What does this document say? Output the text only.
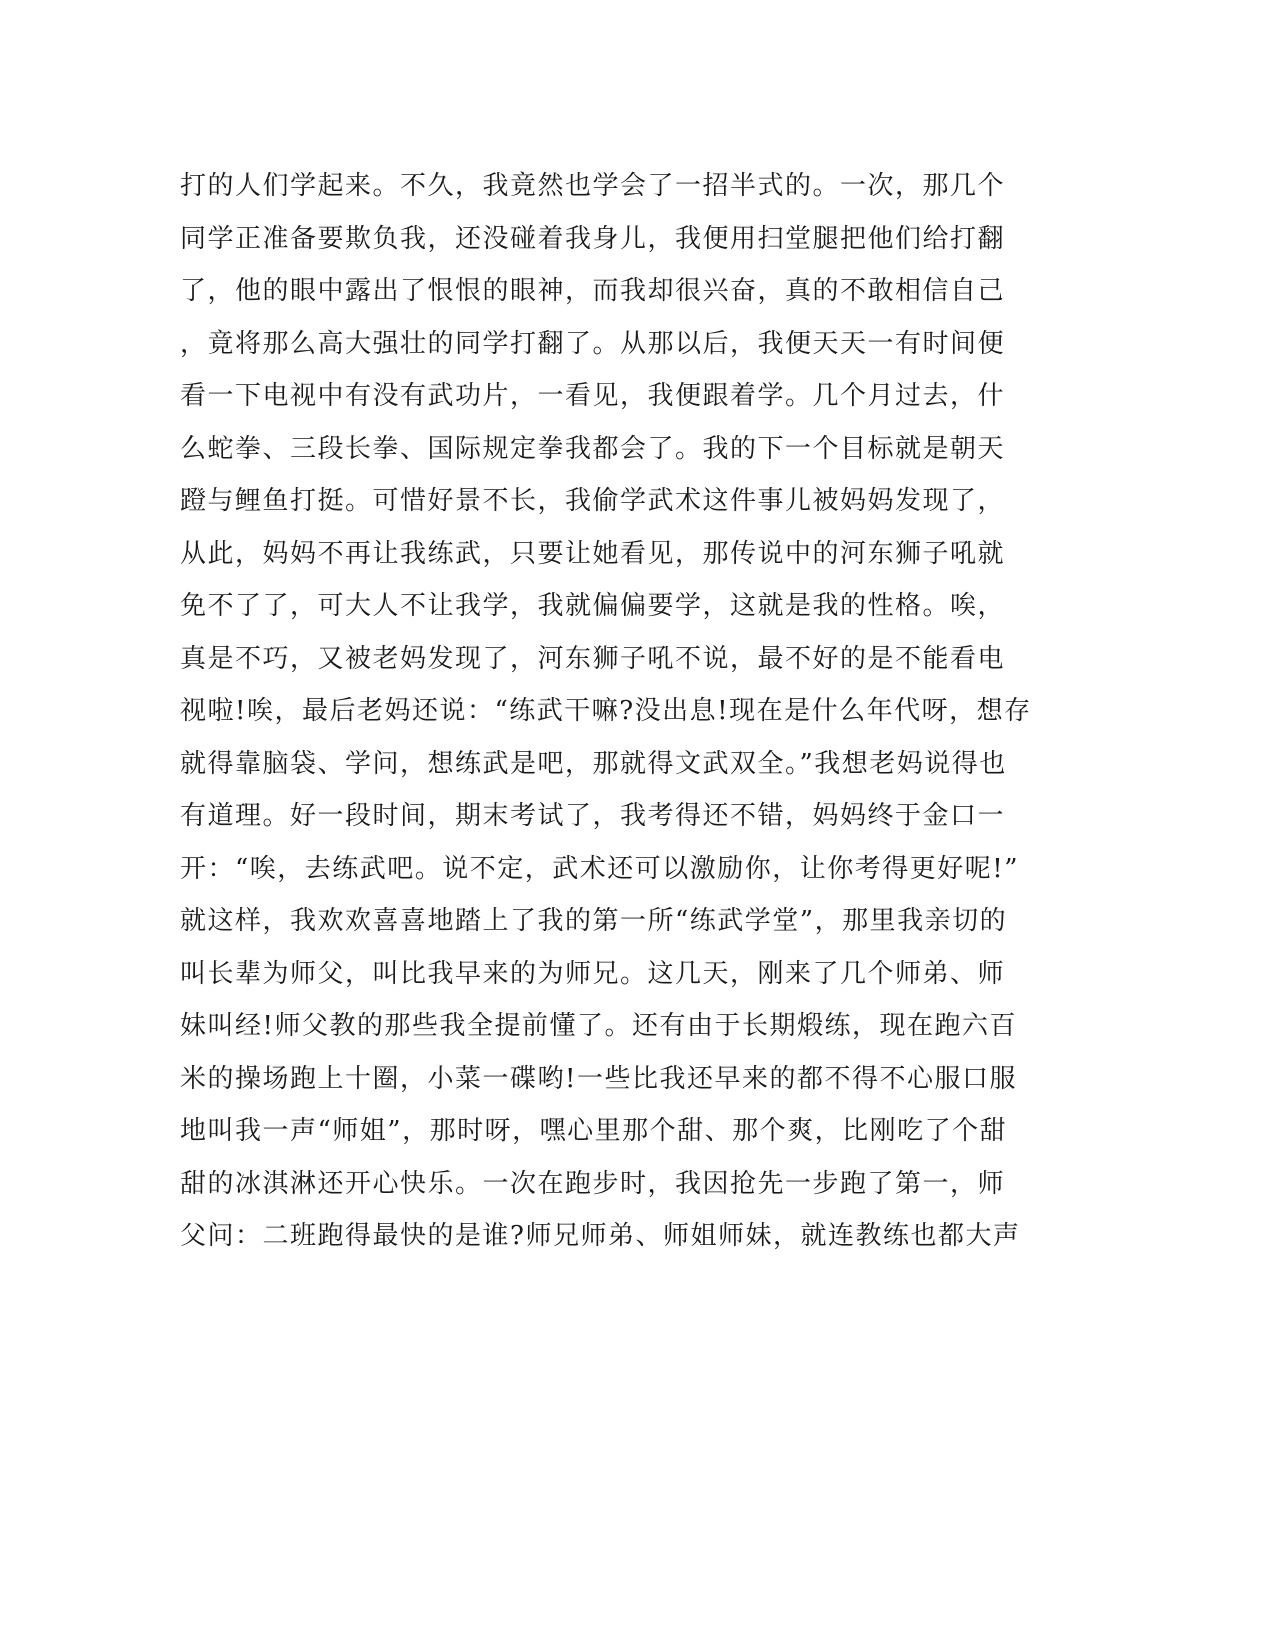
打的人们学起来。不久，我竟然也学会了一招半式的。一次，那几个
同学正准备要欺负我，还没碰着我身儿，我便用扫堂腿把他们给打翻
了，他的眼中露出了恨恨的眼神，而我却很兴奋，真的不敢相信自己
，竟将那么高大强壮的同学打翻了。从那以后，我便天天一有时间便
看一下电视中有没有武功片，一看见，我便跟着学。几个月过去，什
么蛇拳、三段长拳、国际规定拳我都会了。我的下一个目标就是朝天
蹬与鲤鱼打挺。可惜好景不长，我偷学武术这件事儿被妈妈发现了，
从此，妈妈不再让我练武，只要让她看见，那传说中的河东狮子吼就
免不了了，可大人不让我学，我就偏偏要学，这就是我的性格。唉，
真是不巧，又被老妈发现了，河东狮子吼不说，最不好的是不能看电
视啦!唉，最后老妈还说：“练武干嘛?没出息!现在是什么年代呀，想存
就得靠脑袋、学问，想练武是吧，那就得文武双全。”我想老妈说得也
有道理。好一段时间，期末考试了，我考得还不错，妈妈终于金口一
开：“唉，去练武吧。说不定，武术还可以激励你，让你考得更好呢!”
就这样，我欢欢喜喜地踏上了我的第一所“练武学堂”，那里我亲切的
叫长辈为师父，叫比我早来的为师兄。这几天，刚来了几个师弟、师
妹叫经!师父教的那些我全提前懂了。还有由于长期煅练，现在跑六百
米的操场跑上十圈，小菜一碟哟!一些比我还早来的都不得不心服口服
地叫我一声“师姐”，那时呀，嘿心里那个甜、那个爽，比刚吃了个甜
甜的冰淇淋还开心快乐。一次在跑步时，我因抢先一步跑了第一，师
父问：二班跑得最快的是谁?师兄师弟、师姐师妹，就连教练也都大声
